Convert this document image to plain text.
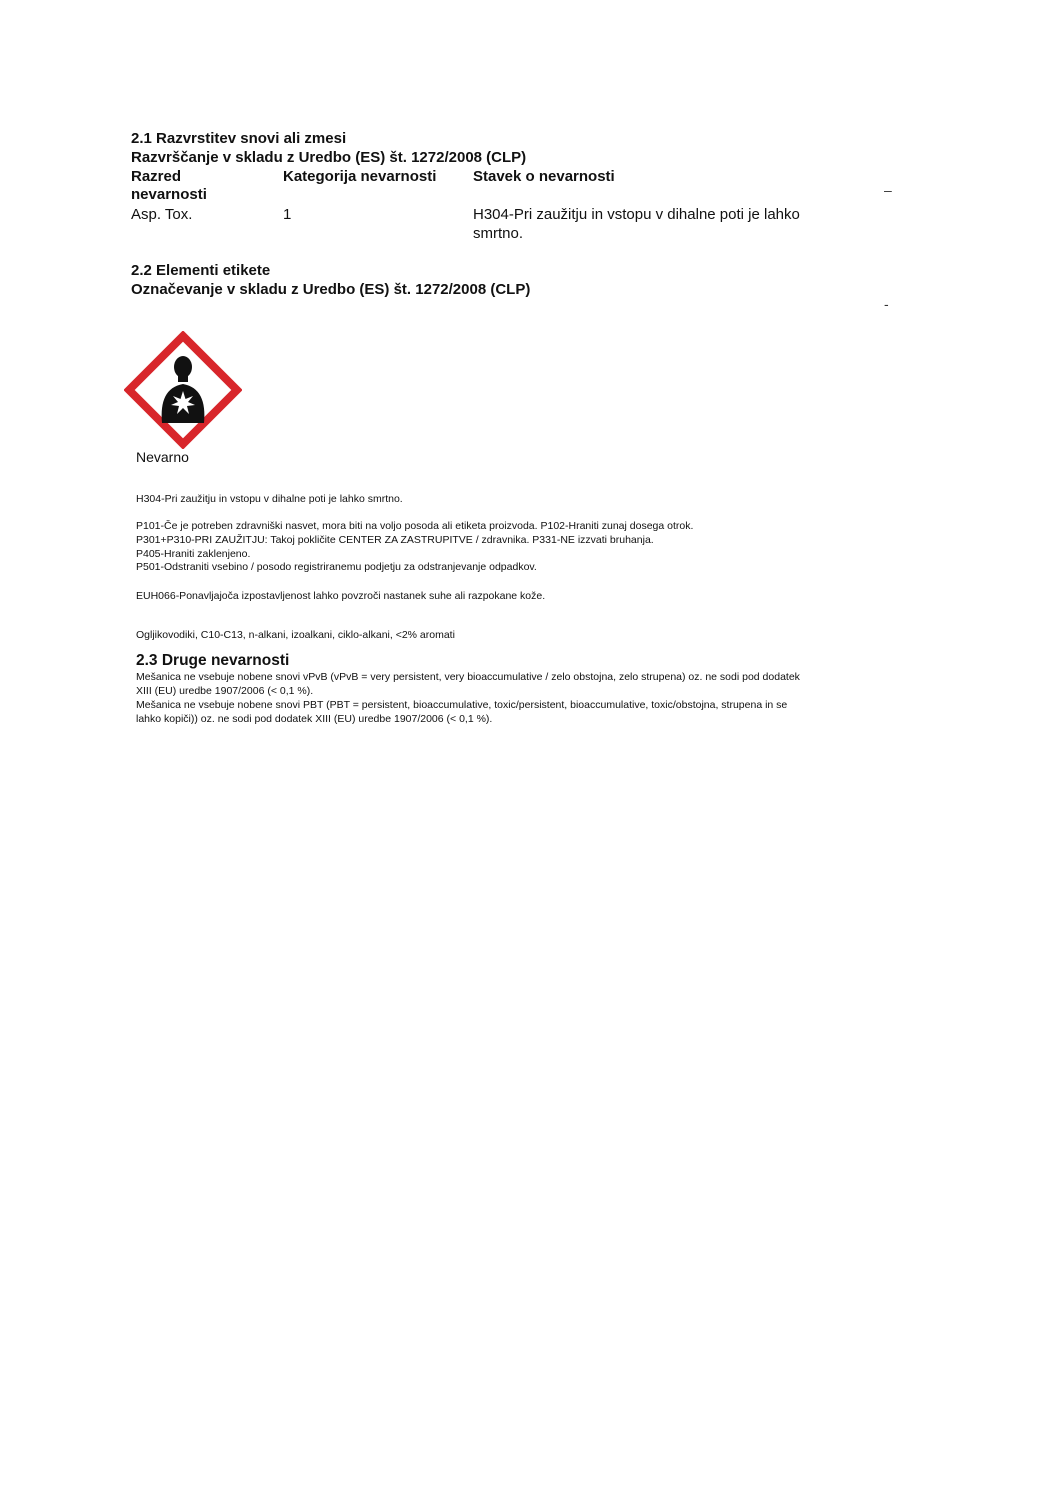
2.1 Razvrstitev snovi ali zmesi
Razvrščanje v skladu z Uredbo (ES) št. 1272/2008 (CLP)
Razred nevarnosti
Kategorija nevarnosti Stavek o nevarnosti
–
Asp. Tox.	1	H304-Pri zaužitju in vstopu v dihalne poti je lahko smrtno.
2.2 Elementi etikete
Označevanje v skladu z Uredbo (ES) št. 1272/2008 (CLP)
-
Nevarno
H304-Pri zaužitju in vstopu v dihalne poti je lahko smrtno.
P101-Če je potreben zdravniški nasvet, mora biti na voljo posoda ali etiketa proizvoda. P102-Hraniti zunaj dosega otrok.
P301+P310-PRI ZAUŽITJU: Takoj pokličite CENTER ZA ZASTRUPITVE / zdravnika. P331-NE izzvati bruhanja.
P405-Hraniti zaklenjeno.
P501-Odstraniti vsebino / posodo registriranemu podjetju za odstranjevanje odpadkov.
EUH066-Ponavljajoča izpostavljenost lahko povzroči nastanek suhe ali razpokane kože.
Ogljikovodiki, C10-C13, n-alkani, izoalkani, ciklo-alkani, <2% aromati
2.3 Druge nevarnosti
Mešanica ne vsebuje nobene snovi vPvB (vPvB = very persistent, very bioaccumulative / zelo obstojna, zelo strupena) oz. ne sodi pod dodatek
XIII (EU) uredbe 1907/2006 (< 0,1 %).
Mešanica ne vsebuje nobene snovi PBT (PBT = persistent, bioaccumulative, toxic/persistent, bioaccumulative, toxic/obstojna, strupena in se
lahko kopiči)) oz. ne sodi pod dodatek XIII (EU) uredbe 1907/2006 (< 0,1 %).
